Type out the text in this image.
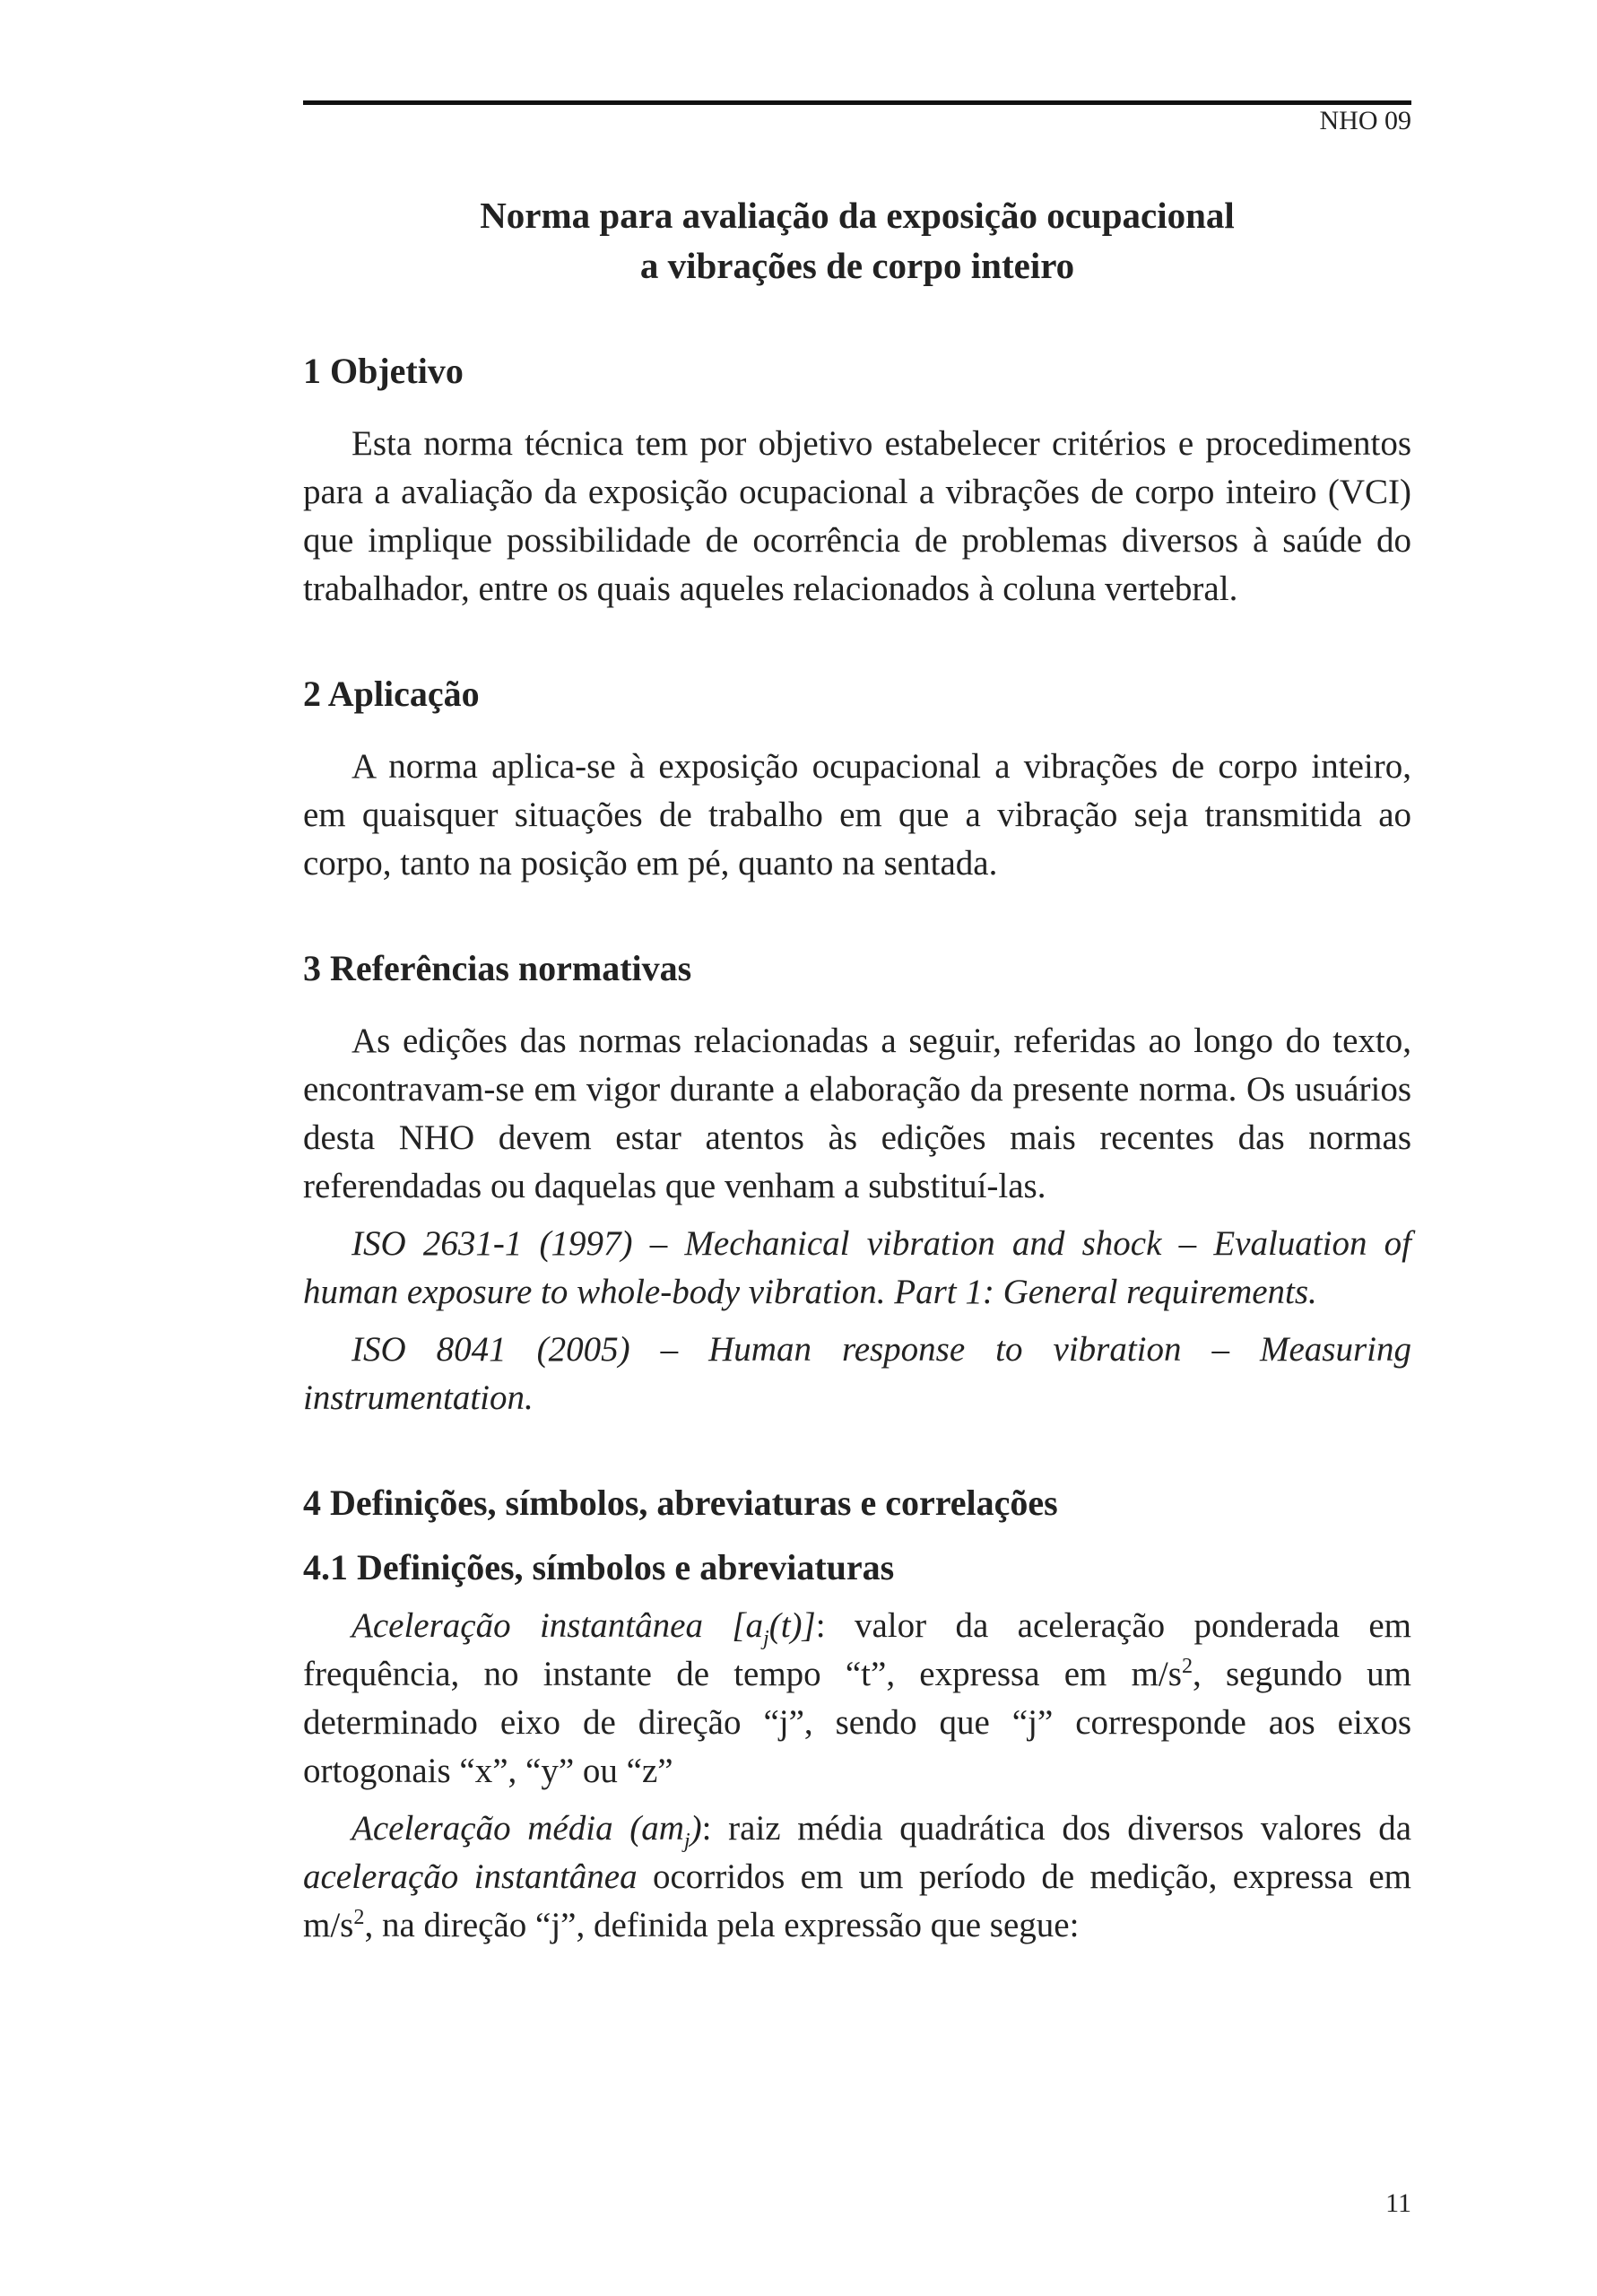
NHO 09
Norma para avaliação da exposição ocupacional
a vibrações de corpo inteiro
1 Objetivo

Esta norma técnica tem por objetivo estabelecer critérios e procedimentos para a avaliação da exposição ocupacional a vibrações de corpo inteiro (VCI) que implique possibilidade de ocorrência de problemas diversos à saúde do trabalhador, entre os quais aqueles relacionados à coluna vertebral.

2 Aplicação

A norma aplica-se à exposição ocupacional a vibrações de corpo inteiro, em quaisquer situações de trabalho em que a vibração seja transmitida ao corpo, tanto na posição em pé, quanto na sentada.

3 Referências normativas

As edições das normas relacionadas a seguir, referidas ao longo do texto, encontravam-se em vigor durante a elaboração da presente norma. Os usuários desta NHO devem estar atentos às edições mais recentes das normas referendadas ou daquelas que venham a substituí-las.

ISO 2631-1 (1997) – Mechanical vibration and shock – Evaluation of human exposure to whole-body vibration. Part 1: General requirements.

ISO 8041 (2005) – Human response to vibration – Measuring instrumentation.

4 Definições, símbolos, abreviaturas e correlações
4.1 Definições, símbolos e abreviaturas

Aceleração instantânea $[a_j(t)]$: valor da aceleração ponderada em frequência, no instante de tempo “t”, expressa em $m/s^2$, segundo um determinado eixo de direção “j”, sendo que “j” corresponde aos eixos ortogonais “x”, “y” ou “z”

Aceleração média $(am_j)$: raiz média quadrática dos diversos valores da aceleração instantânea ocorridos em um período de medição, expressa em $m/s^2$, na direção “j”, definida pela expressão que segue:

11
